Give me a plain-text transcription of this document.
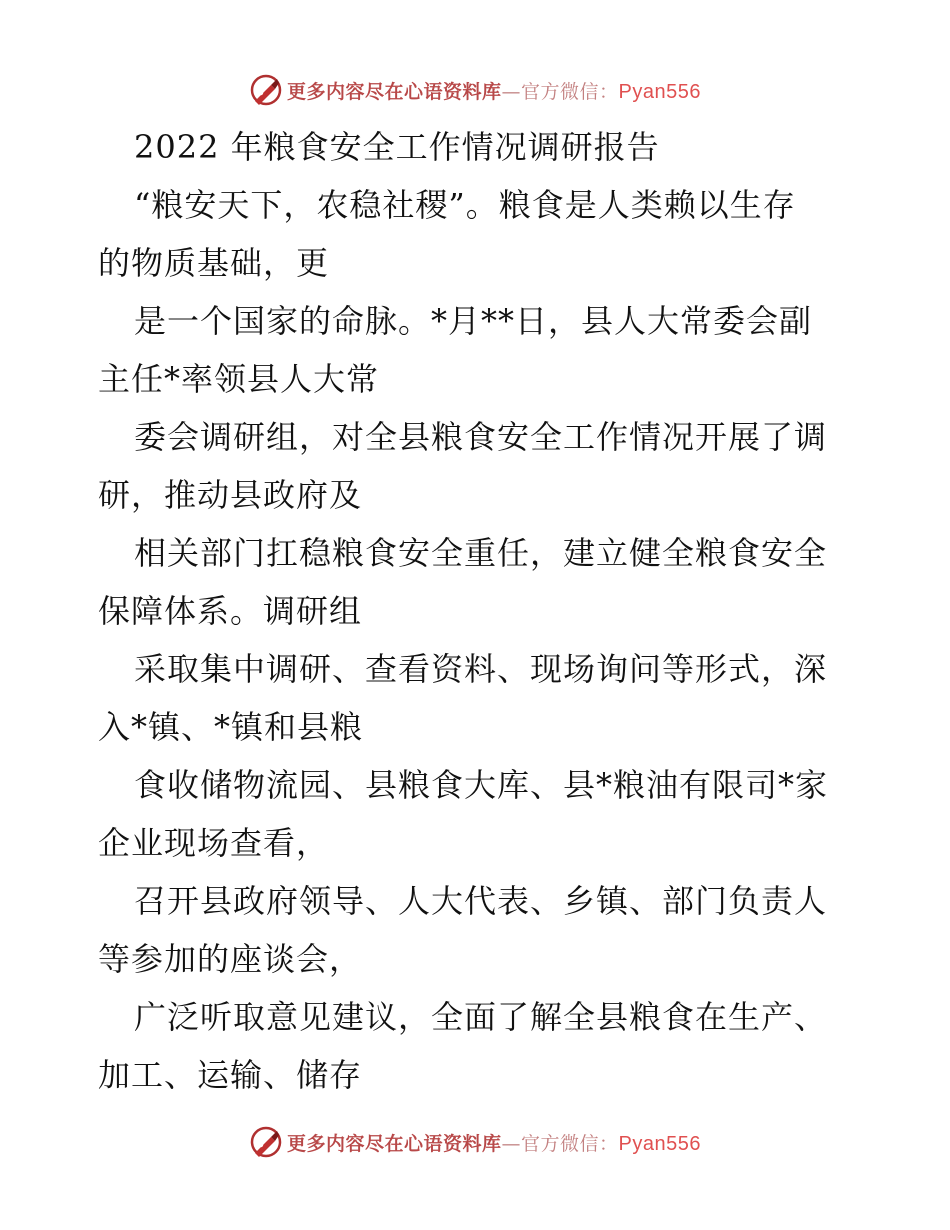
更多内容尽在心语资料库—官方微信：Pyan556
2022 年粮食安全工作情况调研报告
“粮安天下，农稳社稷”。粮食是人类赖以生存
的物质基础，更
是一个国家的命脉。*月**日，县人大常委会副
主任*率领县人大常
委会调研组，对全县粮食安全工作情况开展了调
研，推动县政府及
相关部门扛稳粮食安全重任，建立健全粮食安全
保障体系。调研组
采取集中调研、查看资料、现场询问等形式，深
入*镇、*镇和县粮
食收储物流园、县粮食大库、县*粮油有限司*家
企业现场查看，
召开县政府领导、人大代表、乡镇、部门负责人
等参加的座谈会，
广泛听取意见建议，全面了解全县粮食在生产、
加工、运输、储存
更多内容尽在心语资料库—官方微信：Pyan556
